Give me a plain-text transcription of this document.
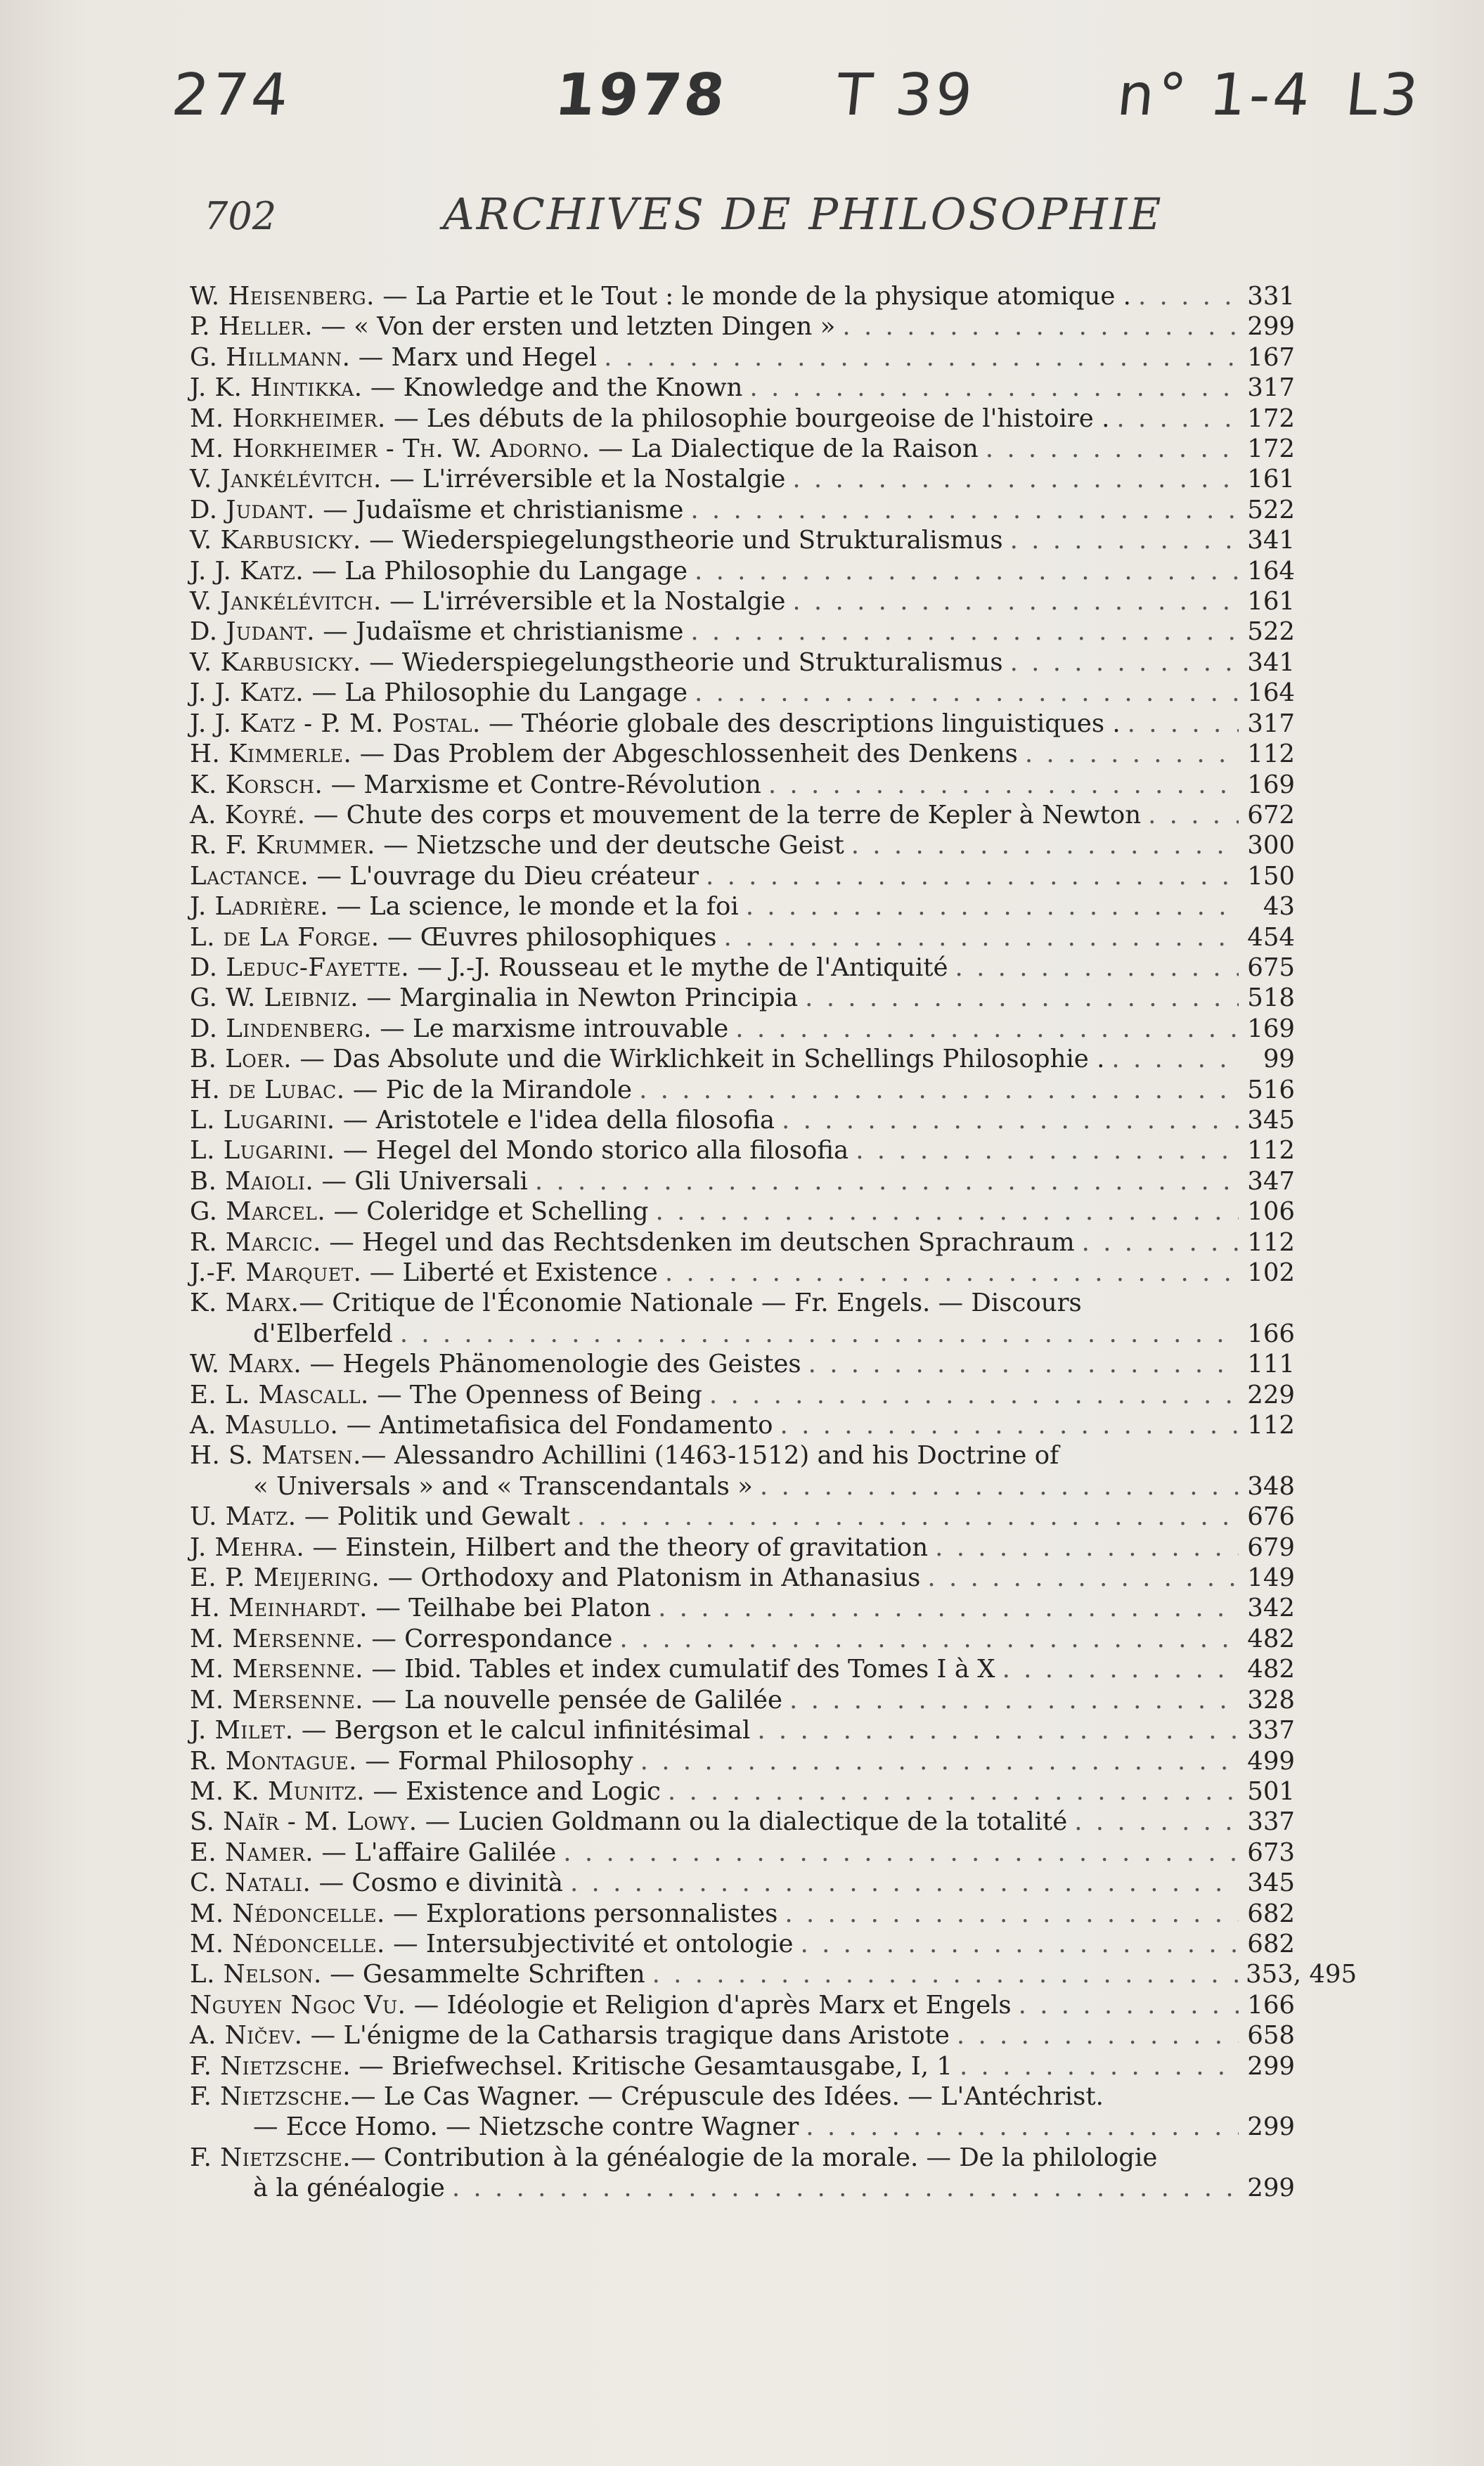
274	1978 T 39 n° 1-4 L3
702	ARCHIVES DE PHILOSOPHIE
W. Heisenberg.
— La Partie et le Tout : le monde de la physique atomique . . . .	331
P. Heller.
— « Von der ersten und letzten Dingen » . . .	299
G. Hillmann.
— Marx und Hegel . . .	167
J. K. Hintikka.
— Knowledge and the Known . . .	317
M. Horkheimer.
— Les débuts de la philosophie bourgeoise de l'histoire . . . .	172
M. Horkheimer - Th. W. Adorno.
— La Dialectique de la Raison . . .	172
V. Jankélévitch.
— L'irréversible et la Nostalgie . . .	161
D. Judant.
— Judaïsme et christianisme . . .	522
V. Karbusicky.
— Wiederspiegelungstheorie und Strukturalismus . . .	341
J. J. Katz.
— La Philosophie du Langage . . .	164
V. Jankélévitch.
— L'irréversible et la Nostalgie . . .	161
D. Judant.
— Judaïsme et christianisme . . .	522
V. Karbusicky.
— Wiederspiegelungstheorie und Strukturalismus . . .	341
J. J. Katz.
— La Philosophie du Langage . . .	164
J. J. Katz - P. M. Postal.
— Théorie globale des descriptions linguistiques . . . .	317
H. Kimmerle.
— Das Problem der Abgeschlossenheit des Denkens . . .	112
K. Korsch.
— Marxisme et Contre-Révolution . . .	169
A. Koyré.
— Chute des corps et mouvement de la terre de Kepler à Newton . . .	672
R. F. Krummer.
— Nietzsche und der deutsche Geist . . .	300
Lactance.
— L'ouvrage du Dieu créateur . . .	150
J. Ladrière.
— La science, le monde et la foi . . .	43
L. de La Forge.
— Œuvres philosophiques . . .	454
D. Leduc-Fayette.
— J.-J. Rousseau et le mythe de l'Antiquité . . .	675
G. W. Leibniz.
— Marginalia in Newton Principia . . .	518
D. Lindenberg.
— Le marxisme introuvable . . .	169
B. Loer.
— Das Absolute und die Wirklichkeit in Schellings Philosophie . . . .	99
H. de Lubac.
— Pic de la Mirandole . . .	516
L. Lugarini.
— Aristotele e l'idea della filosofia . . .	345
L. Lugarini.
— Hegel del Mondo storico alla filosofia . . .	112
B. Maioli.
— Gli Universali . . .	347
G. Marcel.
— Coleridge et Schelling . . .	106
R. Marcic.
— Hegel und das Rechtsdenken im deutschen Sprachraum . . .	112
J.-F. Marquet.
— Liberté et Existence . . .	102
K. Marx. — Critique de l'Économie Nationale — Fr. Engels. — Discours
d'Elberfeld . . .	166
W. Marx.
— Hegels Phänomenologie des Geistes . . .	111
E. L. Mascall.
— The Openness of Being . . .	229
A. Masullo.
— Antimetafisica del Fondamento . . .	112
H. S. Matsen. — Alessandro Achillini (1463-1512) and his Doctrine of
« Universals » and « Transcendantals » . . .	348
U. Matz.
— Politik und Gewalt . . .	676
J. Mehra.
— Einstein, Hilbert and the theory of gravitation . . .	679
E. P. Meijering.
— Orthodoxy and Platonism in Athanasius . . .	149
H. Meinhardt.
— Teilhabe bei Platon . . .	342
M. Mersenne.
— Correspondance . . .	482
M. Mersenne.
— Ibid. Tables et index cumulatif des Tomes I à X . . .	482
M. Mersenne.
— La nouvelle pensée de Galilée . . .	328
J. Milet.
— Bergson et le calcul infinitésimal . . .	337
R. Montague.
— Formal Philosophy . . .	499
M. K. Munitz.
— Existence and Logic . . .	501
S. Naïr - M. Lowy.
— Lucien Goldmann ou la dialectique de la totalité . . .	337
E. Namer.
— L'affaire Galilée . . .	673
C. Natali.
— Cosmo e divinità . . .	345
M. Nédoncelle.
— Explorations personnalistes . . .	682
M. Nédoncelle.
— Intersubjectivité et ontologie . . .	682
L. Nelson.
— Gesammelte Schriften . . .	353, 495
Nguyen Ngoc Vu.
— Idéologie et Religion d'après Marx et Engels . . .	166
A. Ničev.
— L'énigme de la Catharsis tragique dans Aristote . . .	658
F. Nietzsche.
— Briefwechsel. Kritische Gesamtausgabe, I, 1 . . .	299
F. Nietzsche. — Le Cas Wagner. — Crépuscule des Idées. — L'Antéchrist.
— Ecce Homo. — Nietzsche contre Wagner . . .	299
F. Nietzsche. — Contribution à la généalogie de la morale. — De la philologie
à la généalogie . . .	299
